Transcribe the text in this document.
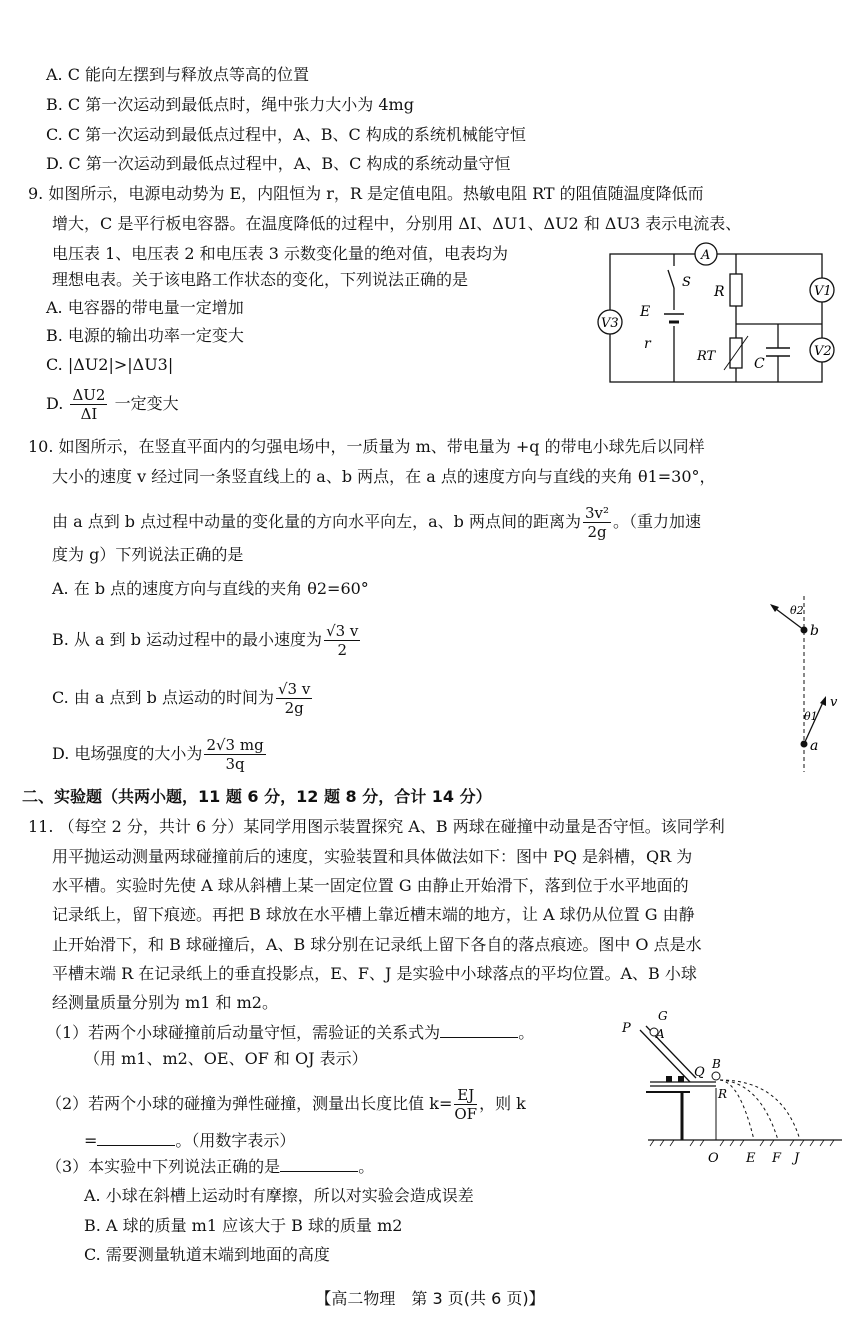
A. C 能向左摆到与释放点等高的位置
B. C 第一次运动到最低点时，绳中张力大小为 4mg
C. C 第一次运动到最低点过程中，A、B、C 构成的系统机械能守恒
D. C 第一次运动到最低点过程中，A、B、C 构成的系统动量守恒
9. 如图所示，电源电动势为 E，内阻恒为 r，R 是定值电阻。热敏电阻 RT 的阻值随温度降低而
增大，C 是平行板电容器。在温度降低的过程中，分别用 ΔI、ΔU1、ΔU2 和 ΔU3 表示电流表、
电压表 1、电压表 2 和电压表 3 示数变化量的绝对值，电表均为
理想电表。关于该电路工作状态的变化，下列说法正确的是
A. 电容器的带电量一定增加
B. 电源的输出功率一定变大
C. |ΔU2|>|ΔU3|
D. $\frac{\Delta U2}{\Delta I}$ 一定变大
A
V1
V2
V3
S
E
r
R
RT	C
10. 如图所示，在竖直平面内的匀强电场中，一质量为 m、带电量为 +q 的带电小球先后以同样
大小的速度 v 经过同一条竖直线上的 a、b 两点，在 a 点的速度方向与直线的夹角 θ1=30°，
由 a 点到 b 点过程中动量的变化量的方向水平向左，a、b 两点间的距离为 $\frac{\text{3v²}}{2g}$ 。（重力加速
度为 g）下列说法正确的是
A. 在 b 点的速度方向与直线的夹角 θ2=60°
B. 从 a 到 b 运动过程中的最小速度为 $\frac{√3 v}{2}$
C. 由 a 点到 b 点运动的时间为 $\frac{√3 v}{2g}$
D. 电场强度的大小为 $\frac{2√3 mg}{3q}$
θ2
b
v
θ1
a
二、实验题（共两小题，11 题 6 分，12 题 8 分，合计 14 分）
11. （每空 2 分，共计 6 分）某同学用图示装置探究 A、B 两球在碰撞中动量是否守恒。该同学利
用平抛运动测量两球碰撞前后的速度，实验装置和具体做法如下：图中 PQ 是斜槽，QR 为
水平槽。实验时先使 A 球从斜槽上某一固定位置 G 由静止开始滑下，落到位于水平地面的
记录纸上，留下痕迹。再把 B 球放在水平槽上靠近槽末端的地方，让 A 球仍从位置 G 由静
止开始滑下，和 B 球碰撞后，A、B 球分别在记录纸上留下各自的落点痕迹。图中 O 点是水
平槽末端 R 在记录纸上的垂直投影点，E、F、J 是实验中小球落点的平均位置。A、B 小球
经测量质量分别为 m1 和 m2。
（1）若两个小球碰撞前后动量守恒，需验证的关系式为	。
（用 m1、m2、OE、OF 和 OJ 表示）
（2）若两个小球的碰撞为弹性碰撞，测量出长度比值 $k= \frac{EJ}{OF}$ ，则 k
=	。（用数字表示）
（3）本实验中下列说法正确的是	。
A. 小球在斜槽上运动时有摩擦，所以对实验会造成误差
B. A 球的质量 m1 应该大于 B 球的质量 m2
C. 需要测量轨道末端到地面的高度
P
G
A
Q
B
R
O E F J
【高二物理　第 3 页(共 6 页)】
